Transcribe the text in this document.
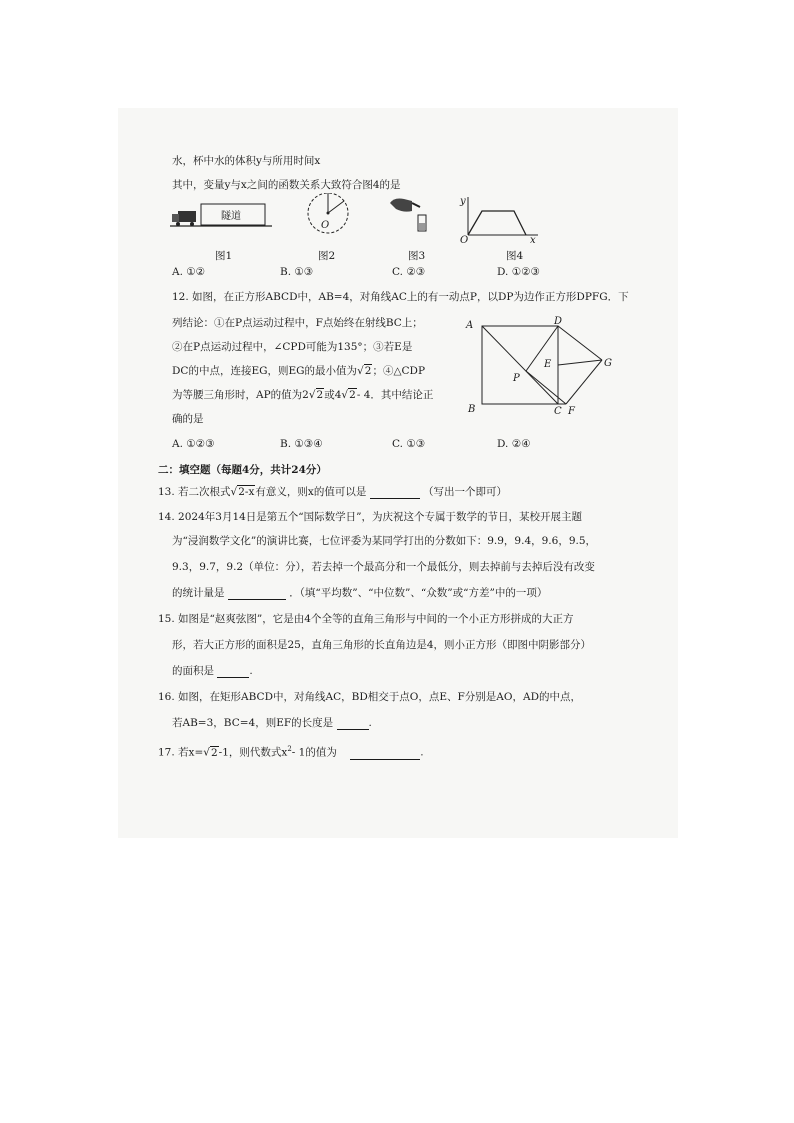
水，杯中水的体积y与所用时间x
其中，变量y与x之间的函数关系大致符合图4的是
隧道
O
y
O	x
图1	图2	图3	图4
A. ①②	B. ①③	C. ②③	D. ①②③
12. 如图，在正方形ABCD中，AB=4，对角线AC上的有一动点P，以DP为边作正方形DPFG．下
列结论：①在P点运动过程中，F点始终在射线BC上；
②在P点运动过程中，∠CPD可能为135°；③若E是
DC的中点，连接EG，则EG的最小值为√2；④△CDP
为等腰三角形时，AP的值为2√2或4√2- 4．其中结论正
确的是
A	D
G
E
P
B	C F
A. ①②③	B. ①③④	C. ①③	D. ②④
二：填空题（每题4分，共计24分）
13. 若二次根式√2-x有意义，则x的值可以是	（写出一个即可）
14. 2024年3月14日是第五个“国际数学日”，为庆祝这个专属于数学的节日，某校开展主题
为“浸润数学文化”的演讲比赛，七位评委为某同学打出的分数如下：9.9，9.4，9.6，9.5，
9.3，9.7，9.2（单位：分），若去掉一个最高分和一个最低分，则去掉前与去掉后没有改变
的统计量是	．（填“平均数”、“中位数”、“众数”或“方差”中的一项）
15. 如图是“赵爽弦图”，它是由4个全等的直角三角形与中间的一个小正方形拼成的大正方
形，若大正方形的面积是25，直角三角形的长直角边是4，则小正方形（即图中阴影部分）
的面积是	.
16. 如图，在矩形ABCD中，对角线AC，BD相交于点O，点E、F分别是AO，AD的中点，
若AB=3，BC=4，则EF的长度是	.
17. 若x=√2-1，则代数式$x^2-$ 1的值为	.
